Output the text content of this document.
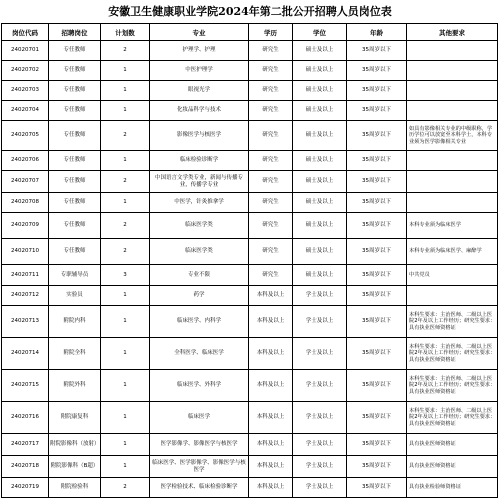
安徽卫生健康职业学院2024年第二批公开招聘人员岗位表
岗位代码	招聘岗位	计划数	专业	学历	学位	年龄	其他要求
24020701	专任教师	2	护理学、护理	研究生	硕士及以上	35周岁以下	
24020702	专任教师	1	中医护理学	研究生	硕士及以上	35周岁以下	
24020703	专任教师	1	眼视光学	研究生	硕士及以上	35周岁以下	
24020704	专任教师	1	化妆品科学与技术	研究生	硕士及以上	35周岁以下	
24020705	专任教师	2	影像医学与核医学	研究生	硕士及以上	35周岁以下	如具有影像相关专业的中级职称，学历学位可以放宽至本科学士，本科专业须为医学影像相关专业
24020706	专任教师	1	临床检验诊断学	研究生	硕士及以上	35周岁以下	
24020707	专任教师	2	中国语言文学类专业，新闻与传播专业，传播学专业	研究生	硕士及以上	35周岁以下	
24020708	专任教师	1	中医学，针灸推拿学	研究生	硕士及以上	35周岁以下	
24020709	专任教师	2	临床医学类	研究生	硕士及以上	35周岁以下	本科专业须为临床医学
24020710	专任教师	2	临床医学类	研究生	硕士及以上	35周岁以下	本科专业须为临床医学、麻醉学
24020711	专职辅导员	3	专业不限	研究生	硕士及以上	35周岁以下	中共党员
24020712	实验员	1	药学	本科及以上	学士及以上	35周岁以下	
24020713	附院内科	1	临床医学、内科学	本科及以上	学士及以上	35周岁以下	本科生要求：主治医师、二级以上医院2年及以上工作经历；研究生要求：具有执业医师资格证
24020714	附院全科	1	全科医学、临床医学	本科及以上	学士及以上	35周岁以下	本科生要求：主治医师、二级以上医院2年及以上工作经历；研究生要求：具有执业医师资格证
24020715	附院外科	1	临床医学、外科学	本科及以上	学士及以上	35周岁以下	本科生要求：主治医师、二级以上医院2年及以上工作经历；研究生要求：具有执业医师资格证
24020716	附院康复科	1	临床医学	本科及以上	学士及以上	35周岁以下	本科生要求：主治医师、二级以上医院2年及以上工作经历；研究生要求：具有执业医师资格证
24020717	附院影像科（放射）	1	医学影像学、影像医学与核医学	本科及以上	学士及以上	35周岁以下	具有执业医师资格证
24020718	附院影像科（B超）	1	临床医学、医学影像学、影像医学与核医学	本科及以上	学士及以上	35周岁以下	具有执业医师资格证
24020719	附院检验科	2	医学检验技术、临床检验诊断学	本科及以上	学士及以上	35周岁以下	具有执业检验师资格证
